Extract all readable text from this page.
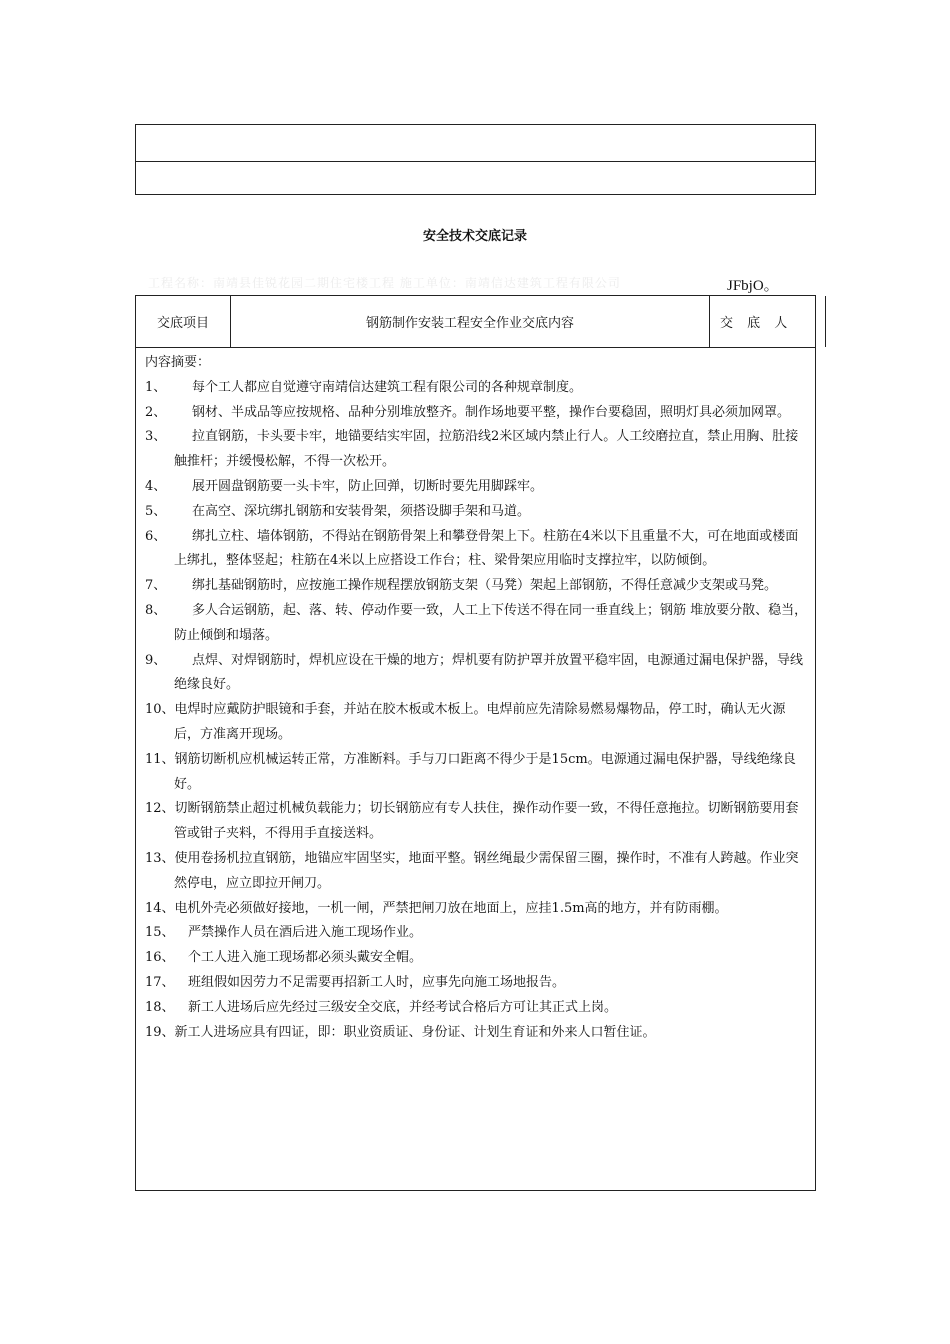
安全技术交底记录
工程名称：南靖县佳锐花园二期住宅楼工程 施工单位：南靖信达建筑工程有限公司	JFbjO。
交底项目	钢筋制作安装工程安全作业交底内容	交 底 人
内容摘要：
1、	每个工人都应自觉遵守南靖信达建筑工程有限公司的各种规章制度。
2、	钢材、半成品等应按规格、品种分别堆放整齐。制作场地要平整，操作台要稳固，照明灯具必须加网罩。
3、	拉直钢筋，卡头要卡牢，地锚要结实牢固，拉筋沿线2米区域内禁止行人。人工绞磨拉直，禁止用胸、肚接触推杆；并缓慢松解，不得一次松开。
4、	展开圆盘钢筋要一头卡牢，防止回弹，切断时要先用脚踩牢。
5、	在高空、深坑绑扎钢筋和安装骨架，须搭设脚手架和马道。
6、	绑扎立柱、墙体钢筋，不得站在钢筋骨架上和攀登骨架上下。柱筋在4米以下且重量不大，可在地面或楼面上绑扎，整体竖起；柱筋在4米以上应搭设工作台；柱、梁骨架应用临时支撑拉牢，以防倾倒。
7、	绑扎基础钢筋时，应按施工操作规程摆放钢筋支架（马凳）架起上部钢筋，不得任意减少支架或马凳。
8、	多人合运钢筋，起、落、转、停动作要一致，人工上下传送不得在同一垂直线上；钢筋 堆放要分散、稳当，防止倾倒和塌落。
9、	点焊、对焊钢筋时，焊机应设在干燥的地方；焊机要有防护罩并放置平稳牢固，电源通过漏电保护器，导线绝缘良好。
10、电焊时应戴防护眼镜和手套，并站在胶木板或木板上。电焊前应先清除易燃易爆物品，停工时，确认无火源后，方准离开现场。
11、钢筋切断机应机械运转正常，方准断料。手与刀口距离不得少于是15cm。电源通过漏电保护器，导线绝缘良好。
12、切断钢筋禁止超过机械负载能力；切长钢筋应有专人扶住，操作动作要一致，不得任意拖拉。切断钢筋要用套管或钳子夹料，不得用手直接送料。
13、使用卷扬机拉直钢筋，地锚应牢固坚实，地面平整。钢丝绳最少需保留三圈，操作时，不准有人跨越。作业突然停电，应立即拉开闸刀。
14、电机外壳必须做好接地，一机一闸，严禁把闸刀放在地面上，应挂1.5m高的地方，并有防雨棚。
15、	严禁操作人员在酒后进入施工现场作业。
16、	个工人进入施工现场都必须头戴安全帽。
17、	班组假如因劳力不足需要再招新工人时，应事先向施工场地报告。
18、	新工人进场后应先经过三级安全交底，并经考试合格后方可让其正式上岗。
19、新工人进场应具有四证，即：职业资质证、身份证、计划生育证和外来人口暂住证。
